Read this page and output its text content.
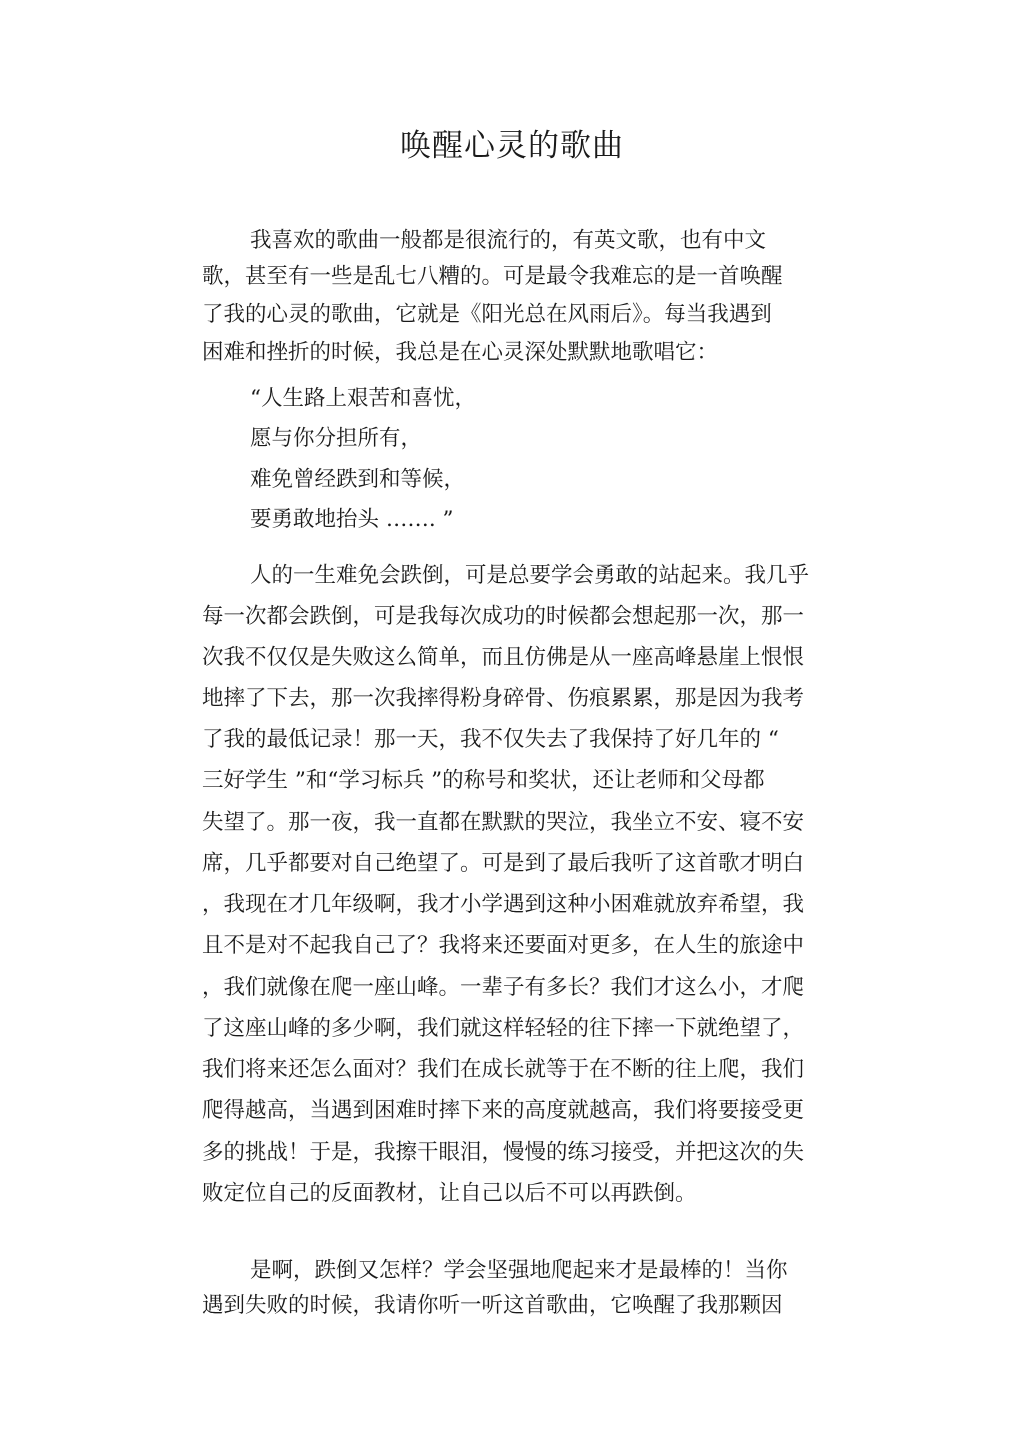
唤醒心灵的歌曲
我喜欢的歌曲一般都是很流行的，有英文歌，也有中文
歌，甚至有一些是乱七八糟的。可是最令我难忘的是一首唤醒
了我的心灵的歌曲，它就是《阳光总在风雨后》。每当我遇到
困难和挫折的时候，我总是在心灵深处默默地歌唱它：
“人生路上艰苦和喜忧，
愿与你分担所有，
难免曾经跌到和等候，
要勇敢地抬头 ……. ”
人的一生难免会跌倒，可是总要学会勇敢的站起来。我几乎
每一次都会跌倒，可是我每次成功的时候都会想起那一次，那一
次我不仅仅是失败这么简单，而且仿佛是从一座高峰悬崖上恨恨
地摔了下去，那一次我摔得粉身碎骨、伤痕累累，那是因为我考
了我的最低记录！那一天，我不仅失去了我保持了好几年的 “
三好学生 ”和“学习标兵 ”的称号和奖状，还让老师和父母都
失望了。那一夜，我一直都在默默的哭泣，我坐立不安、寝不安
席，几乎都要对自己绝望了。可是到了最后我听了这首歌才明白
，我现在才几年级啊，我才小学遇到这种小困难就放弃希望，我
且不是对不起我自己了？我将来还要面对更多，在人生的旅途中
，我们就像在爬一座山峰。一辈子有多长？我们才这么小，才爬
了这座山峰的多少啊，我们就这样轻轻的往下摔一下就绝望了，
我们将来还怎么面对？我们在成长就等于在不断的往上爬，我们
爬得越高，当遇到困难时摔下来的高度就越高，我们将要接受更
多的挑战！于是，我擦干眼泪，慢慢的练习接受，并把这次的失
败定位自己的反面教材，让自己以后不可以再跌倒。
是啊，跌倒又怎样？学会坚强地爬起来才是最棒的！当你
遇到失败的时候，我请你听一听这首歌曲，它唤醒了我那颗因
